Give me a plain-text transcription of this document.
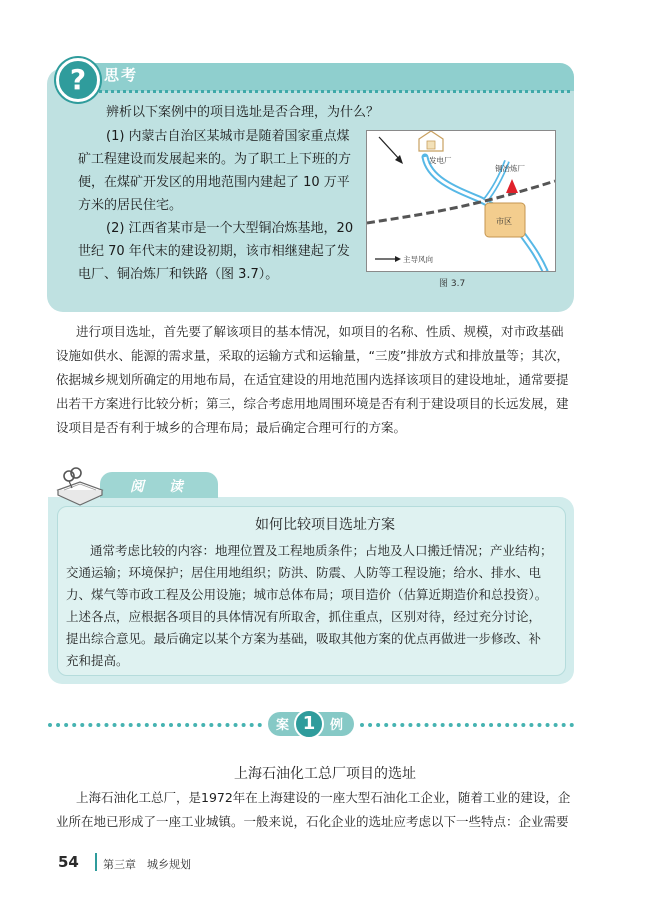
?	思考
辨析以下案例中的项目选址是否合理，为什么？
(1) 内蒙古自治区某城市是随着国家重点煤
矿工程建设而发展起来的。为了职工上下班的方
便，在煤矿开发区的用地范围内建起了 10 万平
方米的居民住宅。
(2) 江西省某市是一个大型铜冶炼基地，20
世纪 70 年代末的建设初期，该市相继建起了发
电厂、铜冶炼厂和铁路（图 3.7）。
市区
发电厂
铜冶炼厂
主导风向
图 3.7
进行项目选址，首先要了解该项目的基本情况，如项目的名称、性质、规模，对市政基础
设施如供水、能源的需求量，采取的运输方式和运输量，“三废”排放方式和排放量等；其次，
依据城乡规划所确定的用地布局，在适宜建设的用地范围内选择该项目的建设地址，通常要提
出若干方案进行比较分析；第三，综合考虑用地周围环境是否有利于建设项目的长远发展，建
设项目是否有利于城乡的合理布局；最后确定合理可行的方案。
阅 读
如何比较项目选址方案
通常考虑比较的内容：地理位置及工程地质条件；占地及人口搬迁情况；产业结构；
交通运输；环境保护；居住用地组织；防洪、防震、人防等工程设施；给水、排水、电
力、煤气等市政工程及公用设施；城市总体布局；项目造价（估算近期造价和总投资）。
上述各点，应根据各项目的具体情况有所取舍，抓住重点，区别对待，经过充分讨论，
提出综合意见。最后确定以某个方案为基础，吸取其他方案的优点再做进一步修改、补
充和提高。
案 1	例
上海石油化工总厂项目的选址
上海石油化工总厂，是1972年在上海建设的一座大型石油化工企业，随着工业的建设，企
业所在地已形成了一座工业城镇。一般来说，石化企业的选址应考虑以下一些特点：企业需要
54 第三章　城乡规划
